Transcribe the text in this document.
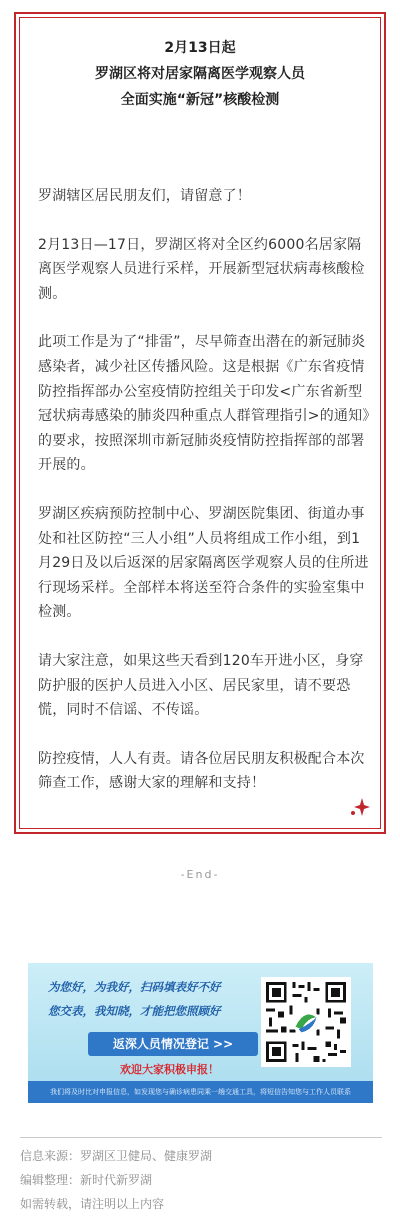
2月13日起
罗湖区将对居家隔离医学观察人员
全面实施“新冠”核酸检测

罗湖辖区居民朋友们，请留意了！

2月13日—17日，罗湖区将对全区约6000名居家隔离医学观察人员进行采样，开展新型冠状病毒核酸检测。

此项工作是为了“排雷”，尽早筛查出潜在的新冠肺炎感染者，减少社区传播风险。这是根据《广东省疫情防控指挥部办公室疫情防控组关于印发<广东省新型冠状病毒感染的肺炎四种重点人群管理指引>的通知》的要求，按照深圳市新冠肺炎疫情防控指挥部的部署开展的。

罗湖区疾病预防控制中心、罗湖医院集团、街道办事处和社区防控“三人小组”人员将组成工作小组，到1月29日及以后返深的居家隔离医学观察人员的住所进行现场采样。全部样本将送至符合条件的实验室集中检测。

请大家注意，如果这些天看到120车开进小区，身穿防护服的医护人员进入小区、居民家里，请不要恐慌，同时不信谣、不传谣。

防控疫情，人人有责。请各位居民朋友积极配合本次筛查工作，感谢大家的理解和支持！

-End-
为您好，为我好，扫码填表好不好
您交表，我知晓，才能把您照顾好
返深人员情况登记 >>
欢迎大家积极申报！
我们将及时比对申报信息，如发现您与确诊病患同乘一趟交通工具，将短信告知您与工作人员联系
信息来源：罗湖区卫健局、健康罗湖
编辑整理：新时代新罗湖
如需转载，请注明以上内容
